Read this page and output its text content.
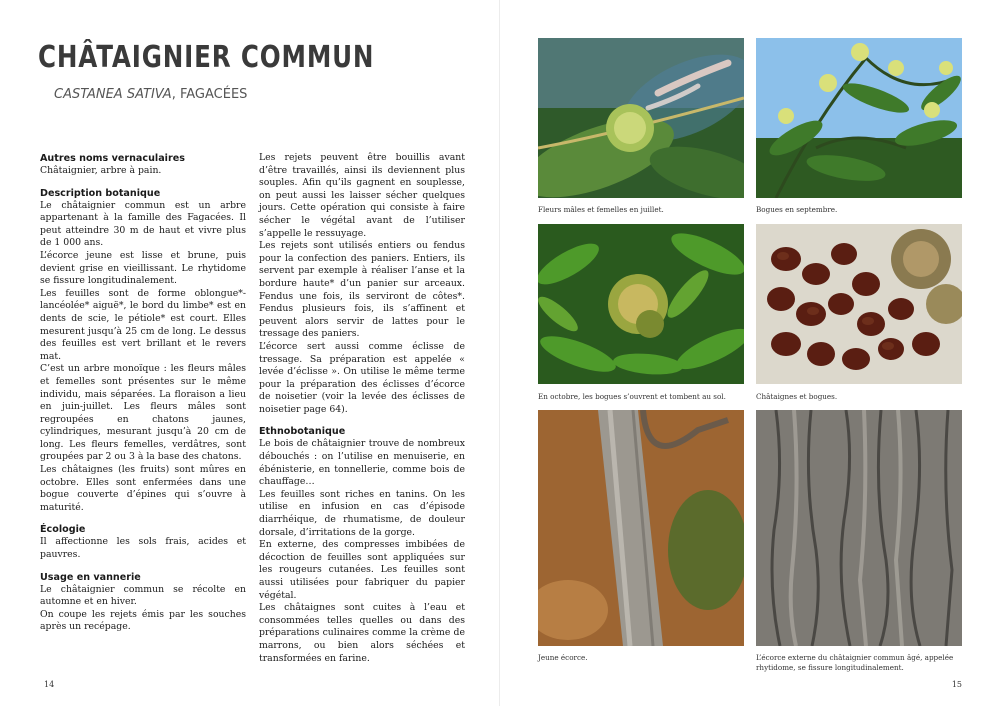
CHÂTAIGNIER COMMUN
CASTANEA SATIVA, FAGACÉES
Autres noms vernaculaires

Châtaignier, arbre à pain.

Description botanique

Le châtaignier commun est un arbre appartenant à la famille des Fagacées. Il peut atteindre 30 m de haut et vivre plus de 1 000 ans.

L’écorce jeune est lisse et brune, puis devient grise en vieillissant. Le rhytidome se fissure longitudinalement.

Les feuilles sont de forme oblongue*-lancéolée* aiguë*, le bord du limbe* est en dents de scie, le pétiole* est court. Elles mesurent jusqu’à 25 cm de long. Le dessus des feuilles est vert brillant et le revers mat.

C’est un arbre monoïque : les fleurs mâles et femelles sont présentes sur le même individu, mais séparées. La floraison a lieu en juin-juillet. Les fleurs mâles sont regroupées en chatons jaunes, cylindriques, mesurant jusqu’à 20 cm de long. Les fleurs femelles, verdâtres, sont groupées par 2 ou 3 à la base des chatons.

Les châtaignes (les fruits) sont mûres en octobre. Elles sont enfermées dans une bogue couverte d’épines qui s’ouvre à maturité.

Écologie

Il affectionne les sols frais, acides et pauvres.

Usage en vannerie

Le châtaignier commun se récolte en automne et en hiver.

On coupe les rejets émis par les souches après un recépage.

Les rejets peuvent être bouillis avant d’être travaillés, ainsi ils deviennent plus souples. Afin qu’ils gagnent en souplesse, on peut aussi les laisser sécher quelques jours. Cette opération qui consiste à faire sécher le végétal avant de l’utiliser s’appelle le ressuyage.

Les rejets sont utilisés entiers ou fendus pour la confection des paniers. Entiers, ils servent par exemple à réaliser l’anse et la bordure haute* d’un panier sur arceaux. Fendus une fois, ils serviront de côtes*. Fendus plusieurs fois, ils s’affinent et peuvent alors servir de lattes pour le tressage des paniers.

L’écorce sert aussi comme éclisse de tressage. Sa préparation est appelée « levée d’éclisse ». On utilise le même terme pour la préparation des éclisses d’écorce de noisetier (voir la levée des éclisses de noisetier page 64).

Ethnobotanique

Le bois de châtaignier trouve de nombreux débouchés : on l’utilise en menuiserie, en ébénisterie, en tonnellerie, comme bois de chauffage…

Les feuilles sont riches en tanins. On les utilise en infusion en cas d’épisode diarrhéique, de rhumatisme, de douleur dorsale, d’irritations de la gorge.

En externe, des compresses imbibées de décoction de feuilles sont appliquées sur les rougeurs cutanées. Les feuilles sont aussi utilisées pour fabriquer du papier végétal.

Les châtaignes sont cuites à l’eau et consommées telles quelles ou dans des préparations culinaires comme la crème de marrons, ou bien alors séchées et transformées en farine.

14
Fleurs mâles et femelles en juillet.	Bogues en septembre.
En octobre, les bogues s’ouvrent et tombent au sol.	Châtaignes et bogues.
Jeune écorce.	L’écorce externe du châtaignier commun âgé, appelée rhytidome, se fissure longitudinalement.
15
